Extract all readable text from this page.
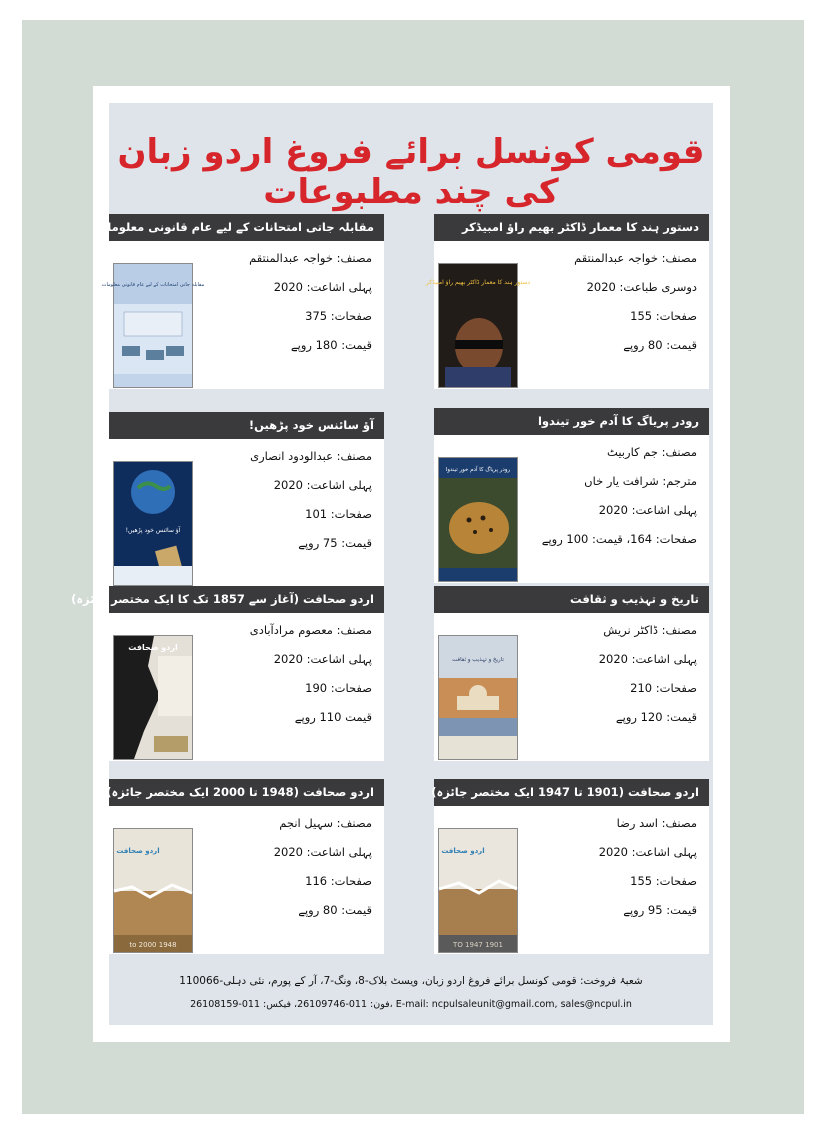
قومی کونسل برائے فروغ اردو زبان کی چند مطبوعات
دستور ہند کا معمار ڈاکٹر بھیم راؤ امبیڈکر
مصنف: خواجہ عبدالمنتقم
دوسری طباعت: 2020
صفحات: 155
قیمت: 80 روپے
دستور ہند کا معمار ڈاکٹر بھیم راؤ امبیڈکر
مقابلہ جاتی امتحانات کے لیے عام قانونی معلومات
مصنف: خواجہ عبدالمنتقم
پہلی اشاعت: 2020
صفحات: 375
قیمت: 180 روپے
مقابلہ جاتی امتحانات کے لیے عام قانونی معلومات
رودر پریاگ کا آدم خور تیندوا
مصنف: جم کاربیٹ
مترجم: شرافت یار خاں
پہلی اشاعت: 2020
صفحات: 164، قیمت: 100 روپے
رودر پریاگ کا آدم خور تیندوا
آؤ سائنس خود پڑھیں!
مصنف: عبدالودود انصاری
پہلی اشاعت: 2020
صفحات: 101
قیمت: 75 روپے
آؤ سائنس خود پڑھیں!
تاریخ و تہذیب و ثقافت
مصنف: ڈاکٹر نریش
پہلی اشاعت: 2020
صفحات: 210
قیمت: 120 روپے
تاریخ و تہذیب و ثقافت
اردو صحافت (آغاز سے 1857 تک کا ایک مختصر جائزہ)
مصنف: معصوم مرادآبادی
پہلی اشاعت: 2020
صفحات: 190
قیمت 110 روپے
اردو صحافت
اردو صحافت (1901 تا 1947 ایک مختصر جائزہ)
مصنف: اسد رضا
پہلی اشاعت: 2020
صفحات: 155
قیمت: 95 روپے
اردو صحافت
1901 TO 1947
اردو صحافت (1948 تا 2000 ایک مختصر جائزہ)
مصنف: سہیل انجم
پہلی اشاعت: 2020
صفحات: 116
قیمت: 80 روپے
اردو صحافت
1948 to 2000
شعبۂ فروخت: قومی کونسل برائے فروغ اردو زبان، ویسٹ بلاک-8، ونگ-7، آر کے پورم، نئی دہلی-110066
فون: 011-26109746، فیکس: 011-26108159، E-mail: ncpulsaleunit@gmail.com, sales@ncpul.in
